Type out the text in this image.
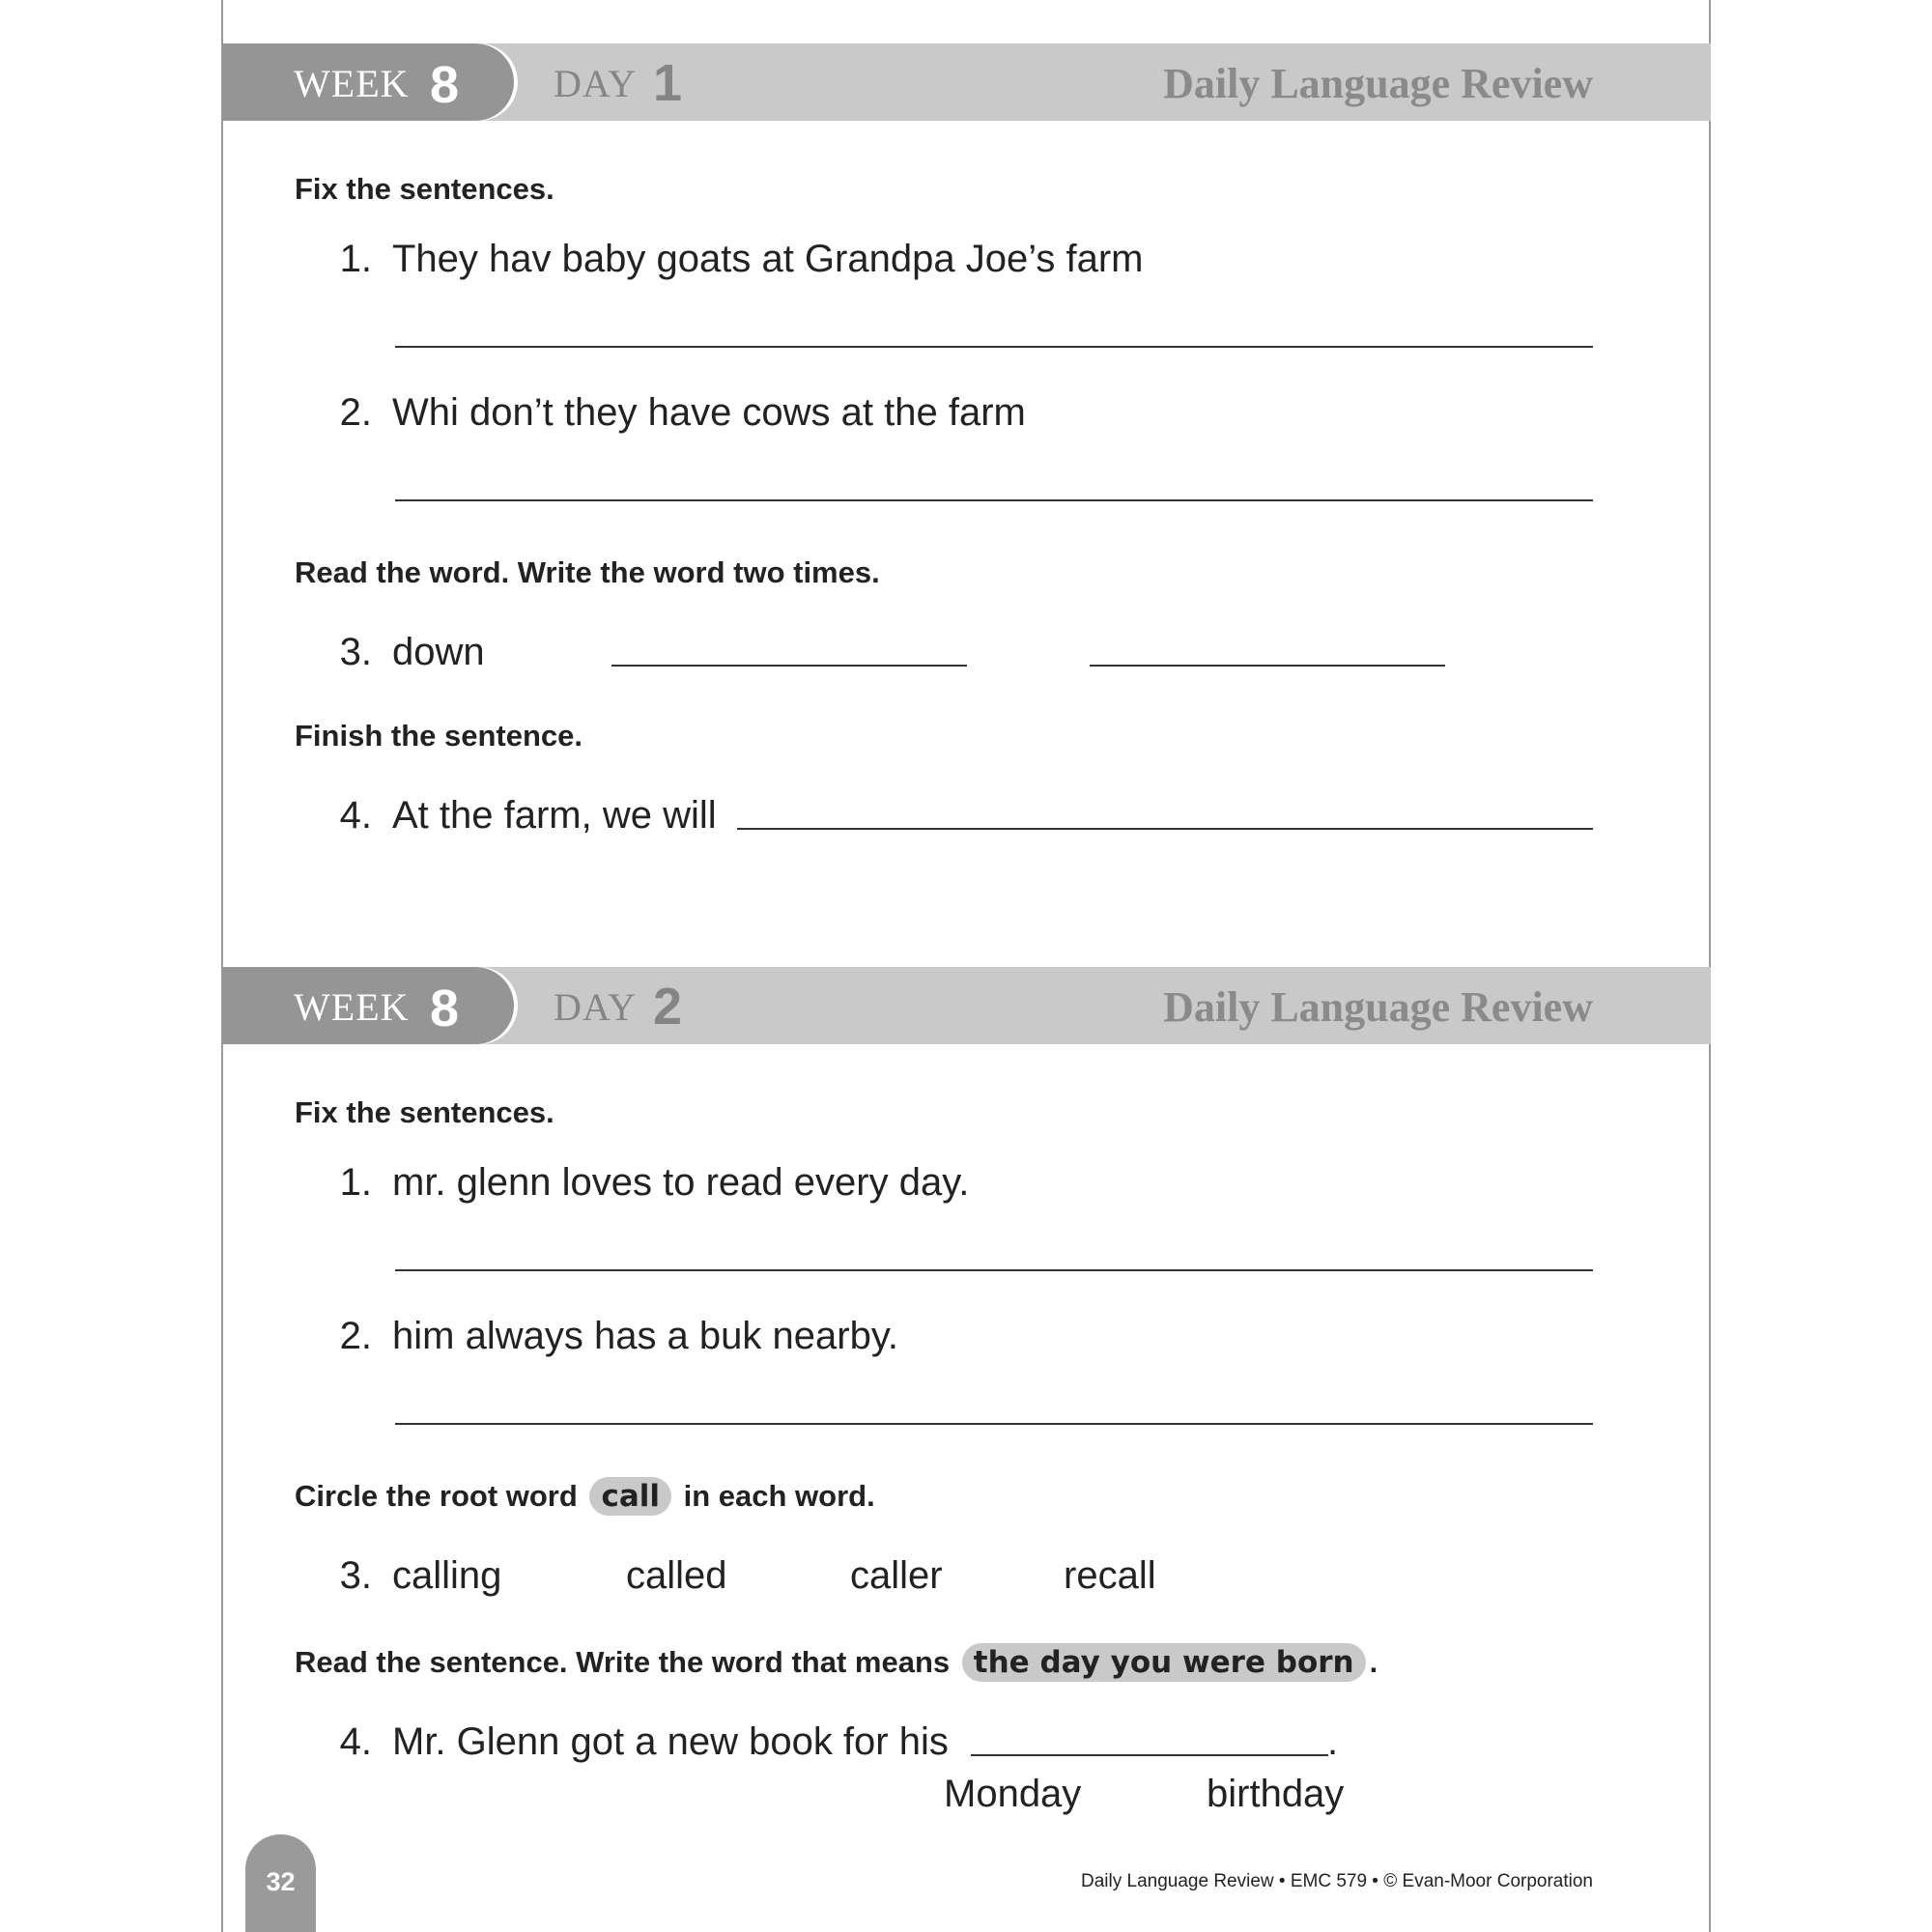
WEEK 8 DAY 1	Daily Language Review
Fix the sentences.
1. They hav baby goats at Grandpa Joe’s farm
2. Whi don’t they have cows at the farm
Read the word. Write the word two times.
3. down
Finish the sentence.
4. At the farm, we will
WEEK 8 DAY 2	Daily Language Review
Fix the sentences.
1. mr. glenn loves to read every day.
2. him always has a buk nearby.
Circle the root word call in each word.
3. calling	called	caller	recall
Read the sentence. Write the word that means the day you were born .
4. Mr. Glenn got a new book for his	.
Monday	birthday
32	Daily Language Review • EMC 579 • © Evan-Moor Corporation
